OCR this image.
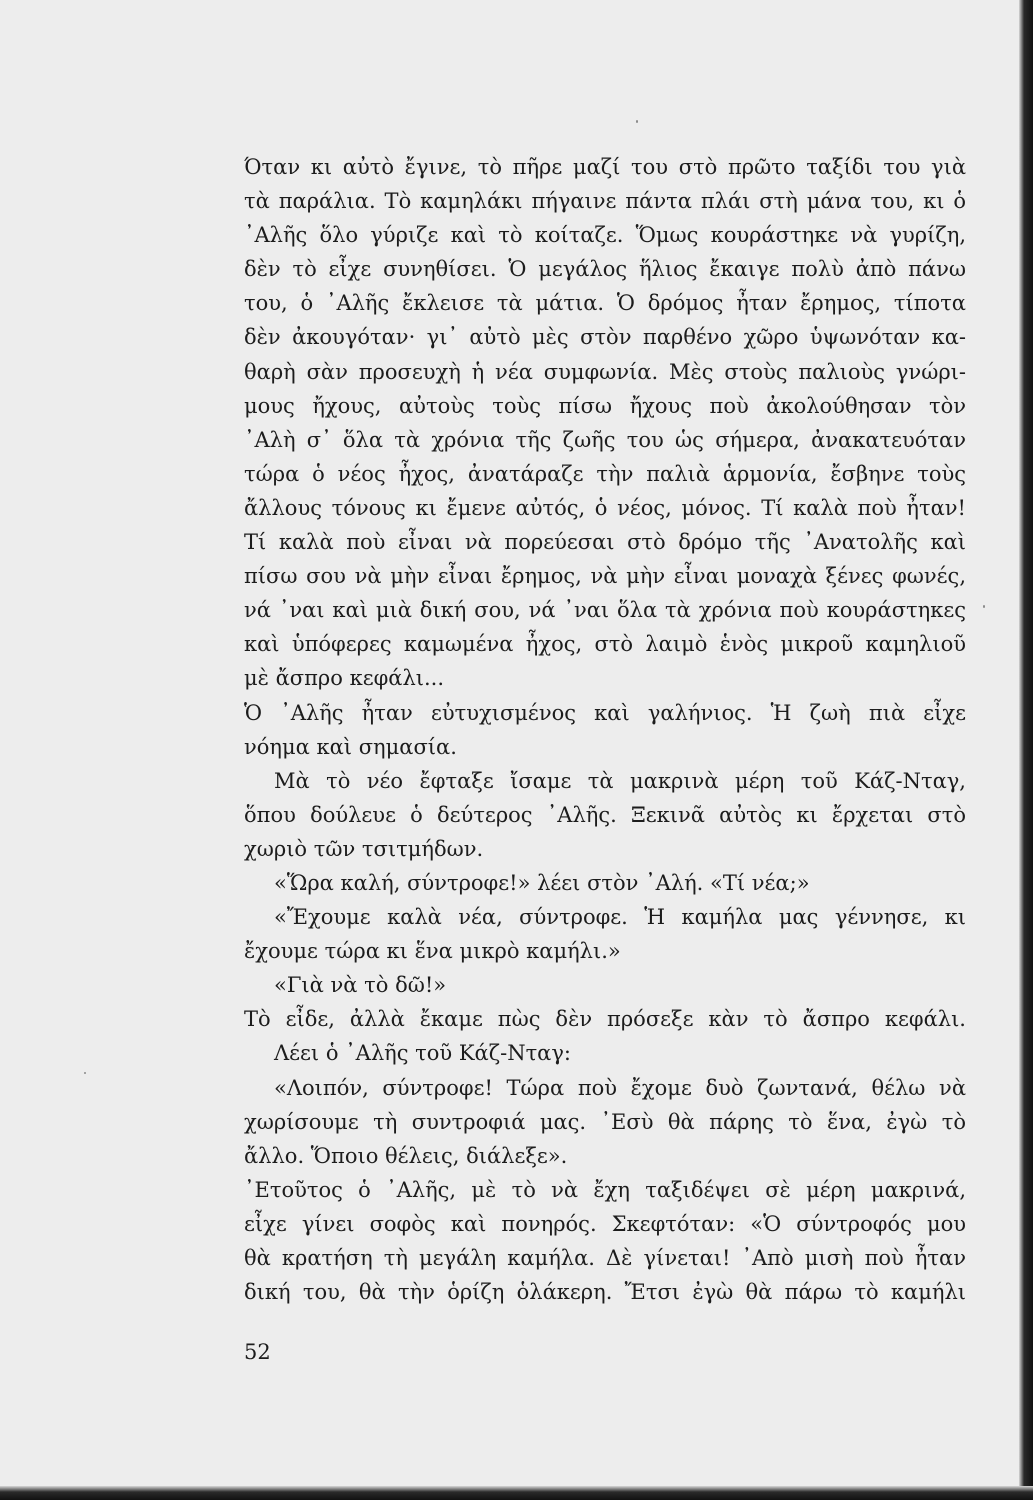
Όταν κι αὐτὸ ἔγινε, τὸ πῆρε μαζί του στὸ πρῶτο ταξίδι του γιὰ
τὰ παράλια. Τὸ καμηλάκι πήγαινε πάντα πλάι στὴ μάνα του, κι ὁ
᾿Αλῆς ὅλο γύριζε καὶ τὸ κοίταζε. Ὅμως κουράστηκε νὰ γυρίζη,
δὲν τὸ εἶχε συνηθίσει. Ὁ μεγάλος ἥλιος ἔκαιγε πολὺ ἀπὸ πάνω
του, ὁ ᾿Αλῆς ἔκλεισε τὰ μάτια. Ὁ δρόμος ἦταν ἔρημος, τίποτα
δὲν ἀκουγόταν· γι᾿ αὐτὸ μὲς στὸν παρθένο χῶρο ὑψωνόταν κα-
θαρὴ σὰν προσευχὴ ἡ νέα συμφωνία. Μὲς στοὺς παλιοὺς γνώρι-
μους ἤχους, αὐτοὺς τοὺς πίσω ἤχους ποὺ ἀκολούθησαν τὸν
᾿Αλὴ σ᾿ ὅλα τὰ χρόνια τῆς ζωῆς του ὡς σήμερα, ἀνακατευόταν
τώρα ὁ νέος ἦχος, ἀνατάραζε τὴν παλιὰ ἁρμονία, ἔσβηνε τοὺς
ἄλλους τόνους κι ἔμενε αὐτός, ὁ νέος, μόνος. Τί καλὰ ποὺ ἦταν!
Τί καλὰ ποὺ εἶναι νὰ πορεύεσαι στὸ δρόμο τῆς ᾿Ανατολῆς καὶ
πίσω σου νὰ μὴν εἶναι ἔρημος, νὰ μὴν εἶναι μοναχὰ ξένες φωνές,
νά ᾿ναι καὶ μιὰ δική σου, νά ᾿ναι ὅλα τὰ χρόνια ποὺ κουράστηκες
καὶ ὑπόφερες καμωμένα ἦχος, στὸ λαιμὸ ἑνὸς μικροῦ καμηλιοῦ
μὲ ἄσπρο κεφάλι...
Ὁ ᾿Αλῆς ἦταν εὐτυχισμένος καὶ γαλήνιος. Ἡ ζωὴ πιὰ εἶχε
νόημα καὶ σημασία.
Μὰ τὸ νέο ἔφταξε ἴσαμε τὰ μακρινὰ μέρη τοῦ Κάζ-Νταγ,
ὅπου δούλευε ὁ δεύτερος ᾿Αλῆς. Ξεκινᾶ αὐτὸς κι ἔρχεται στὸ
χωριὸ τῶν τσιτμήδων.
«Ὥρα καλή, σύντροφε!» λέει στὸν ᾿Αλή. «Τί νέα;»
«Ἔχουμε καλὰ νέα, σύντροφε. Ἡ καμήλα μας γέννησε, κι
ἔχουμε τώρα κι ἕνα μικρὸ καμήλι.»
«Γιὰ νὰ τὸ δῶ!»
Τὸ εἶδε, ἀλλὰ ἔκαμε πὼς δὲν πρόσεξε κὰν τὸ ἄσπρο κεφάλι.
Λέει ὁ ᾿Αλῆς τοῦ Κάζ-Νταγ:
«Λοιπόν, σύντροφε! Τώρα ποὺ ἔχομε δυὸ ζωντανά, θέλω νὰ
χωρίσουμε τὴ συντροφιά μας. ᾿Εσὺ θὰ πάρης τὸ ἕνα, ἐγὼ τὸ
ἄλλο. Ὅποιο θέλεις, διάλεξε».
᾿Ετοῦτος ὁ ᾿Αλῆς, μὲ τὸ νὰ ἔχη ταξιδέψει σὲ μέρη μακρινά,
εἶχε γίνει σοφὸς καὶ πονηρός. Σκεφτόταν: «Ὁ σύντροφός μου
θὰ κρατήση τὴ μεγάλη καμήλα. Δὲ γίνεται! ᾿Απὸ μισὴ ποὺ ἦταν
δική του, θὰ τὴν ὁρίζη ὁλάκερη. Ἔτσι ἐγὼ θὰ πάρω τὸ καμήλι
52
